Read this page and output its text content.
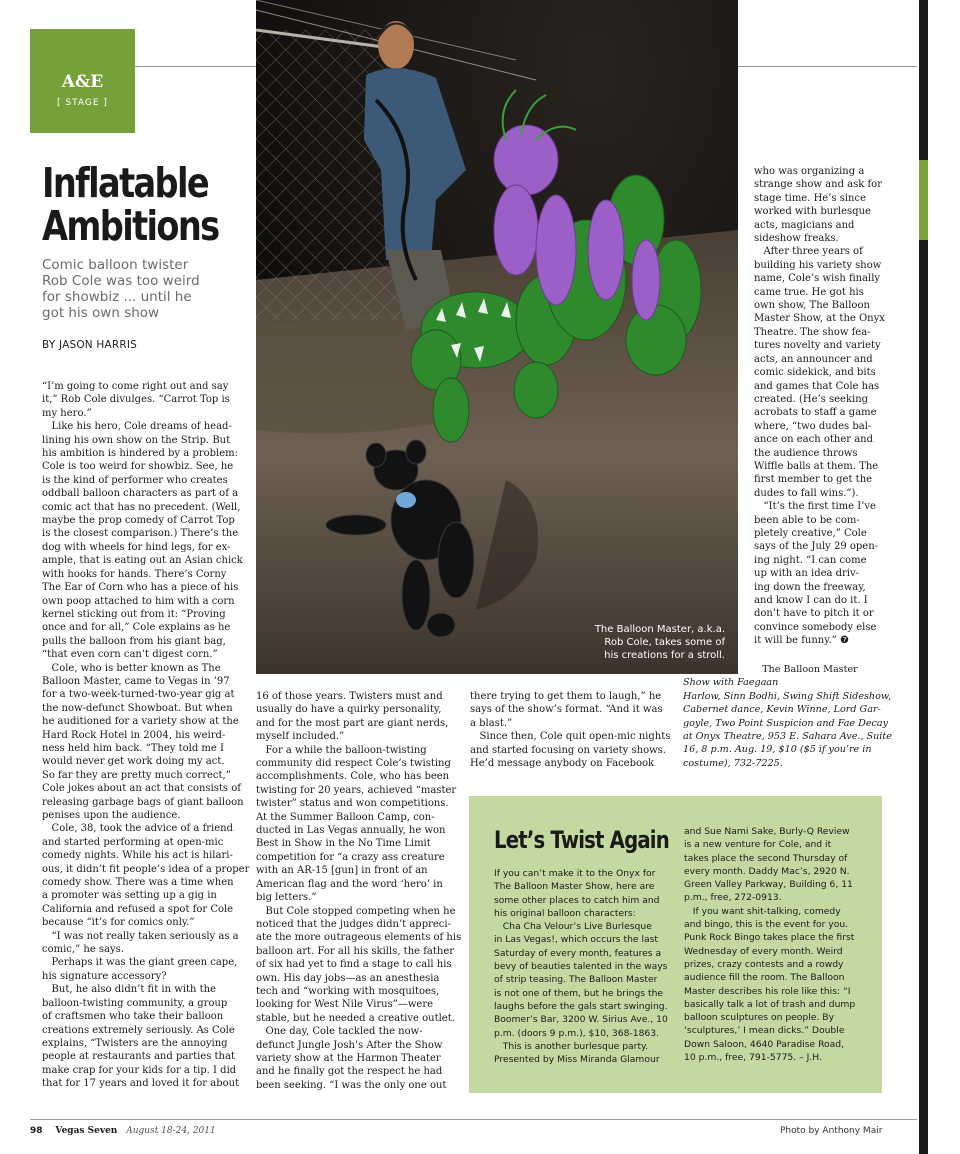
A&E
[ STAGE ]
Inflatable
Ambitions
Comic balloon twister
Rob Cole was too weird
for showbiz ... until he
got his own show
BY JASON HARRIS
The Balloon Master, a.k.a.
Rob Cole, takes some of
his creations for a stroll.

“I’m going to come right out and say

it,” Rob Cole divulges. “Carrot Top is

my hero.”

Like his hero, Cole dreams of head-

lining his own show on the Strip. But

his ambition is hindered by a problem:

Cole is too weird for showbiz. See, he

is the kind of performer who creates

oddball balloon characters as part of a

comic act that has no precedent. (Well,

maybe the prop comedy of Carrot Top

is the closest comparison.) There’s the

dog with wheels for hind legs, for ex-

ample, that is eating out an Asian chick

with hooks for hands. There’s Corny

The Ear of Corn who has a piece of his

own poop attached to him with a corn

kernel sticking out from it: “Proving

once and for all,” Cole explains as he

pulls the balloon from his giant bag,

“that even corn can’t digest corn.”

Cole, who is better known as The

Balloon Master, came to Vegas in ’97

for a two-week-turned-two-year gig at

the now-defunct Showboat. But when

he auditioned for a variety show at the

Hard Rock Hotel in 2004, his weird-

ness held him back. “They told me I

would never get work doing my act.

So far they are pretty much correct,”

Cole jokes about an act that consists of

releasing garbage bags of giant balloon

penises upon the audience.

Cole, 38, took the advice of a friend

and started performing at open-mic

comedy nights. While his act is hilari-

ous, it didn’t fit people’s idea of a proper

comedy show. There was a time when

a promoter was setting up a gig in

California and refused a spot for Cole

because “it’s for comics only.”

“I was not really taken seriously as a

comic,” he says.

Perhaps it was the giant green cape,

his signature accessory?

But, he also didn’t fit in with the

balloon-twisting community, a group

of craftsmen who take their balloon

creations extremely seriously. As Cole

explains, “Twisters are the annoying

people at restaurants and parties that

make crap for your kids for a tip. I did

that for 17 years and loved it for about

16 of those years. Twisters must and

usually do have a quirky personality,

and for the most part are giant nerds,

myself included.”

For a while the balloon-twisting

community did respect Cole’s twisting

accomplishments. Cole, who has been

twisting for 20 years, achieved “master

twister” status and won competitions.

At the Summer Balloon Camp, con-

ducted in Las Vegas annually, he won

Best in Show in the No Time Limit

competition for “a crazy ass creature

with an AR-15 [gun] in front of an

American flag and the word ‘hero’ in

big letters.”

But Cole stopped competing when he

noticed that the judges didn’t appreci-

ate the more outrageous elements of his

balloon art. For all his skills, the father

of six had yet to find a stage to call his

own. His day jobs—as an anesthesia

tech and “working with mosquitoes,

looking for West Nile Virus”—were

stable, but he needed a creative outlet.

One day, Cole tackled the now-

defunct Jungle Josh’s After the Show

variety show at the Harmon Theater

and he finally got the respect he had

been seeking. “I was the only one out

there trying to get them to laugh,” he

says of the show’s format. “And it was

a blast.”

Since then, Cole quit open-mic nights

and started focusing on variety shows.

He’d message anybody on Facebook

who was organizing a

strange show and ask for

stage time. He’s since

worked with burlesque

acts, magicians and

sideshow freaks.

After three years of

building his variety show

name, Cole’s wish finally

came true. He got his

own show, The Balloon

Master Show, at the Onyx

Theatre. The show fea-

tures novelty and variety

acts, an announcer and

comic sidekick, and bits

and games that Cole has

created. (He’s seeking

acrobats to staff a game

where, “two dudes bal-

ance on each other and

the audience throws

Wiffle balls at them. The

first member to get the

dudes to fall wins.”).

“It’s the first time I’ve

been able to be com-

pletely creative,” Cole

says of the July 29 open-

ing night. “I can come

up with an idea driv-

ing down the freeway,

and know I can do it. I

don’t have to pitch it or

convince somebody else

it will be funny.” ❼

The Balloon Master

Show with Faegaan

Harlow, Sinn Bodhi, Swing Shift Sideshow,

Cabernet dance, Kevin Winne, Lord Gar-

goyle, Two Point Suspicion and Fae Decay

at Onyx Theatre, 953 E. Sahara Ave., Suite

16, 8 p.m. Aug. 19, $10 ($5 if you’re in

costume), 732-7225.

Let’s Twist Again

If you can’t make it to the Onyx for

The Balloon Master Show, here are

some other places to catch him and

his original balloon characters:

Cha Cha Velour’s Live Burlesque

in Las Vegas!, which occurs the last

Saturday of every month, features a

bevy of beauties talented in the ways

of strip teasing. The Balloon Master

is not one of them, but he brings the

laughs before the gals start swinging.

Boomer’s Bar, 3200 W. Sirius Ave., 10

p.m. (doors 9 p.m.), $10, 368-1863.

This is another burlesque party.

Presented by Miss Miranda Glamour

and Sue Nami Sake, Burly-Q Review

is a new venture for Cole, and it

takes place the second Thursday of

every month. Daddy Mac’s, 2920 N.

Green Valley Parkway, Building 6, 11

p.m., free, 272-0913.

If you want shit-talking, comedy

and bingo, this is the event for you.

Punk Rock Bingo takes place the first

Wednesday of every month. Weird

prizes, crazy contests and a rowdy

audience fill the room. The Balloon

Master describes his role like this: “I

basically talk a lot of trash and dump

balloon sculptures on people. By

‘sculptures,’ I mean dicks.” Double

Down Saloon, 4640 Paradise Road,

10 p.m., free, 791-5775. – J.H.

98 Vegas Seven August 18-24, 2011	Photo by Anthony Mair
